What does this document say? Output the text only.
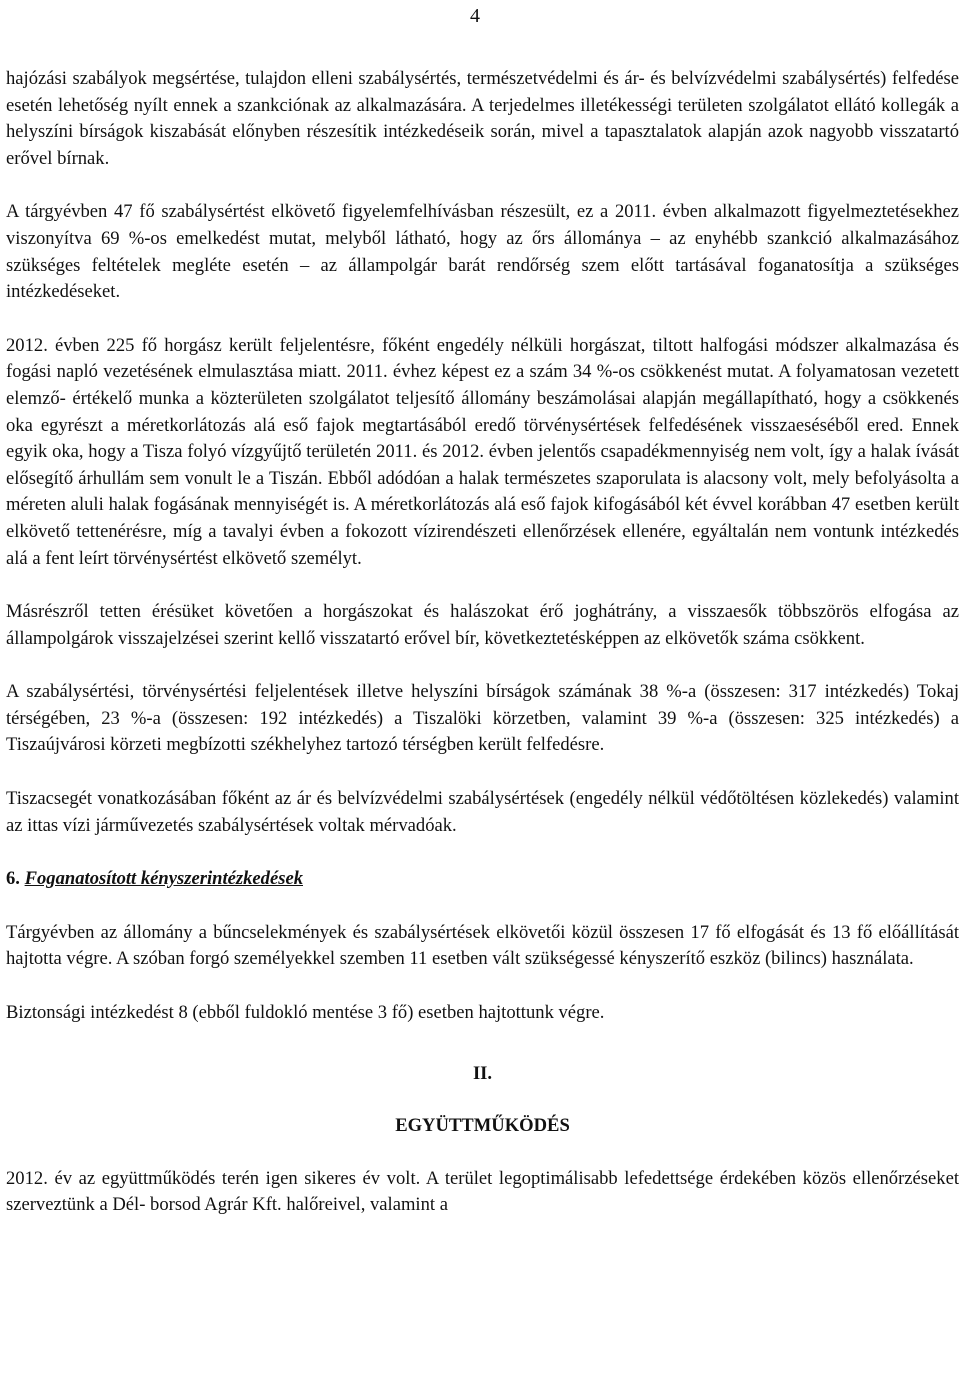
4

hajózási szabályok megsértése, tulajdon elleni szabálysértés, természetvédelmi és ár- és belvízvédelmi szabálysértés) felfedése esetén lehetőség nyílt ennek a szankciónak az alkalmazására. A terjedelmes illetékességi területen szolgálatot ellátó kollegák a helyszíni bírságok kiszabását előnyben részesítik intézkedéseik során, mivel a tapasztalatok alapján azok nagyobb visszatartó erővel bírnak.

A tárgyévben 47 fő szabálysértést elkövető figyelemfelhívásban részesült, ez a 2011. évben alkalmazott figyelmeztetésekhez viszonyítva 69 %-os emelkedést mutat, melyből látható, hogy az őrs állománya – az enyhébb szankció alkalmazásához szükséges feltételek megléte esetén – az állampolgár barát rendőrség szem előtt tartásával foganatosítja a szükséges intézkedéseket.

2012. évben 225 fő horgász került feljelentésre, főként engedély nélküli horgászat, tiltott halfogási módszer alkalmazása és fogási napló vezetésének elmulasztása miatt. 2011. évhez képest ez a szám 34 %-os csökkenést mutat. A folyamatosan vezetett elemző- értékelő munka a közterületen szolgálatot teljesítő állomány beszámolásai alapján megállapítható, hogy a csökkenés oka egyrészt a méretkorlátozás alá eső fajok megtartásából eredő törvénysértések felfedésének visszaeséséből ered. Ennek egyik oka, hogy a Tisza folyó vízgyűjtő területén 2011. és 2012. évben jelentős csapadékmennyiség nem volt, így a halak ívását elősegítő árhullám sem vonult le a Tiszán. Ebből adódóan a halak természetes szaporulata is alacsony volt, mely befolyásolta a méreten aluli halak fogásának mennyiségét is. A méretkorlátozás alá eső fajok kifogásából két évvel korábban 47 esetben került elkövető tettenérésre, míg a tavalyi évben a fokozott vízirendészeti ellenőrzések ellenére, egyáltalán nem vontunk intézkedés alá a fent leírt törvénysértést elkövető személyt.

Másrészről tetten érésüket követően a horgászokat és halászokat érő joghátrány, a visszaesők többszörös elfogása az állampolgárok visszajelzései szerint kellő visszatartó erővel bír, következtetésképpen az elkövetők száma csökkent.

A szabálysértési, törvénysértési feljelentések illetve helyszíni bírságok számának 38 %-a (összesen: 317 intézkedés) Tokaj térségében, 23 %-a (összesen: 192 intézkedés) a Tiszalöki körzetben, valamint 39 %-a (összesen: 325 intézkedés) a Tiszaújvárosi körzeti megbízotti székhelyhez tartozó térségben került felfedésre.

Tiszacsegét vonatkozásában főként az ár és belvízvédelmi szabálysértések (engedély nélkül védőtöltésen közlekedés) valamint az ittas vízi járművezetés szabálysértések voltak mérvadóak.

6. Foganatosított kényszerintézkedések

Tárgyévben az állomány a bűncselekmények és szabálysértések elkövetői közül összesen 17 fő elfogását és 13 fő előállítását hajtotta végre. A szóban forgó személyekkel szemben 11 esetben vált szükségessé kényszerítő eszköz (bilincs) használata.

Biztonsági intézkedést 8 (ebből fuldokló mentése 3 fő) esetben hajtottunk végre.

II.

EGYÜTTMŰKÖDÉS

2012. év az együttműködés terén igen sikeres év volt. A terület legoptimálisabb lefedettsége érdekében közös ellenőrzéseket szerveztünk a Dél- borsod Agrár Kft. halőreivel, valamint a
